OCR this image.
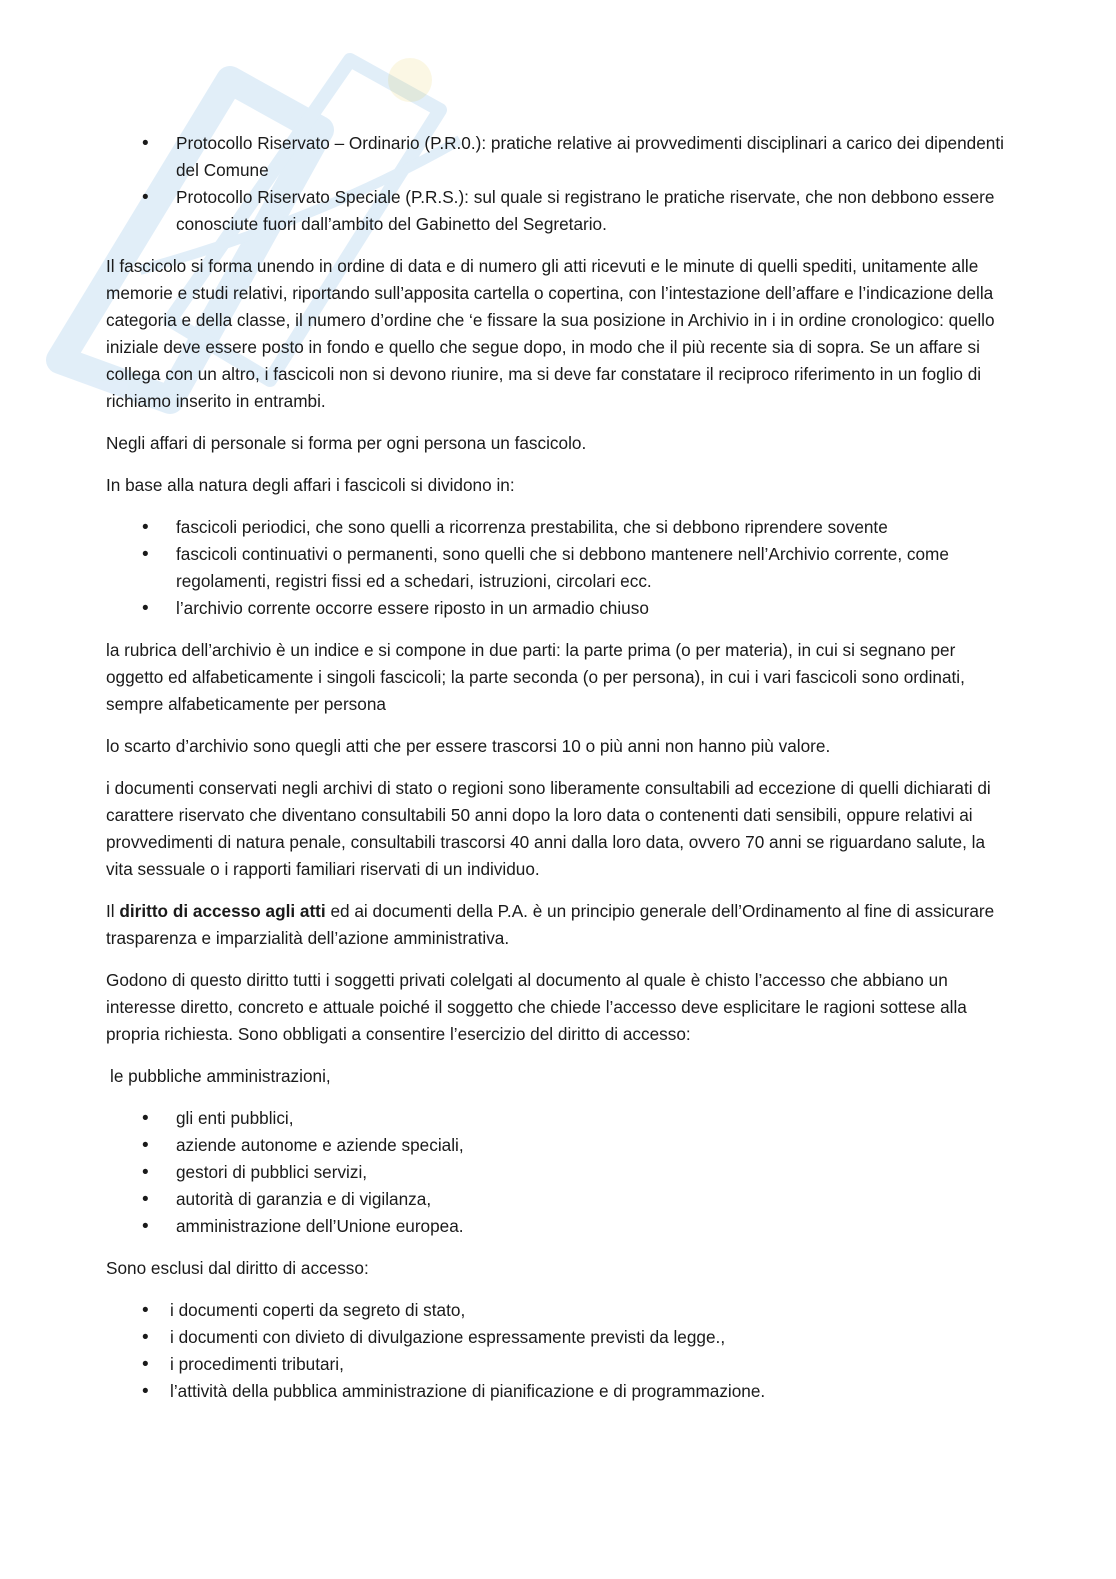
• Protocollo Riservato – Ordinario (P.R.0.): pratiche relative ai provvedimenti disciplinari a carico dei dipendenti del Comune
• Protocollo Riservato Speciale (P.R.S.): sul quale si registrano le pratiche riservate, che non debbono essere conosciute fuori dall’ambito del Gabinetto del Segretario.

Il fascicolo si forma unendo in ordine di data e di numero gli atti ricevuti e le minute di quelli spediti, unitamente alle memorie e studi relativi, riportando sull’apposita cartella o copertina, con l’intestazione dell’affare e l’indicazione della categoria e della classe, il numero d’ordine che ‘e fissare la sua posizione in Archivio in i in ordine cronologico: quello iniziale deve essere posto in fondo e quello che segue dopo, in modo che il più recente sia di sopra. Se un affare si collega con un altro, i fascicoli non si devono riunire, ma si deve far constatare il reciproco riferimento in un foglio di richiamo inserito in entrambi.

Negli affari di personale si forma per ogni persona un fascicolo.

In base alla natura degli affari i fascicoli si dividono in:

• fascicoli periodici, che sono quelli a ricorrenza prestabilita, che si debbono riprendere sovente
• fascicoli continuativi o permanenti, sono quelli che si debbono mantenere nell’Archivio corrente, come regolamenti, registri fissi ed a schedari, istruzioni, circolari ecc.
• l’archivio corrente occorre essere riposto in un armadio chiuso

la rubrica dell’archivio è un indice e si compone in due parti: la parte prima (o per materia), in cui si segnano per oggetto ed alfabeticamente i singoli fascicoli; la parte seconda (o per persona), in cui i vari fascicoli sono ordinati, sempre alfabeticamente per persona

lo scarto d’archivio sono quegli atti che per essere trascorsi 10 o più anni non hanno più valore.

i documenti conservati negli archivi di stato o regioni sono liberamente consultabili ad eccezione di quelli dichiarati di carattere riservato che diventano consultabili 50 anni dopo la loro data o contenenti dati sensibili, oppure relativi ai provvedimenti di natura penale, consultabili trascorsi 40 anni dalla loro data, ovvero 70 anni se riguardano salute, la vita sessuale o i rapporti familiari riservati di un individuo.

Il diritto di accesso agli atti ed ai documenti della P.A. è un principio generale dell’Ordinamento al fine di assicurare trasparenza e imparzialità dell’azione amministrativa.

Godono di questo diritto tutti i soggetti privati colelgati al documento al quale è chisto l’accesso che abbiano un interesse diretto, concreto e attuale poiché il soggetto che chiede l’accesso deve esplicitare le ragioni sottese alla propria richiesta. Sono obbligati a consentire l’esercizio del diritto di accesso:

le pubbliche amministrazioni,

• gli enti pubblici,
• aziende autonome e aziende speciali,
• gestori di pubblici servizi,
• autorità di garanzia e di vigilanza,
• amministrazione dell’Unione europea.

Sono esclusi dal diritto di accesso:

• i documenti coperti da segreto di stato,
• i documenti con divieto di divulgazione espressamente previsti da legge.,
• i procedimenti tributari,
• l’attività della pubblica amministrazione di pianificazione e di programmazione.
